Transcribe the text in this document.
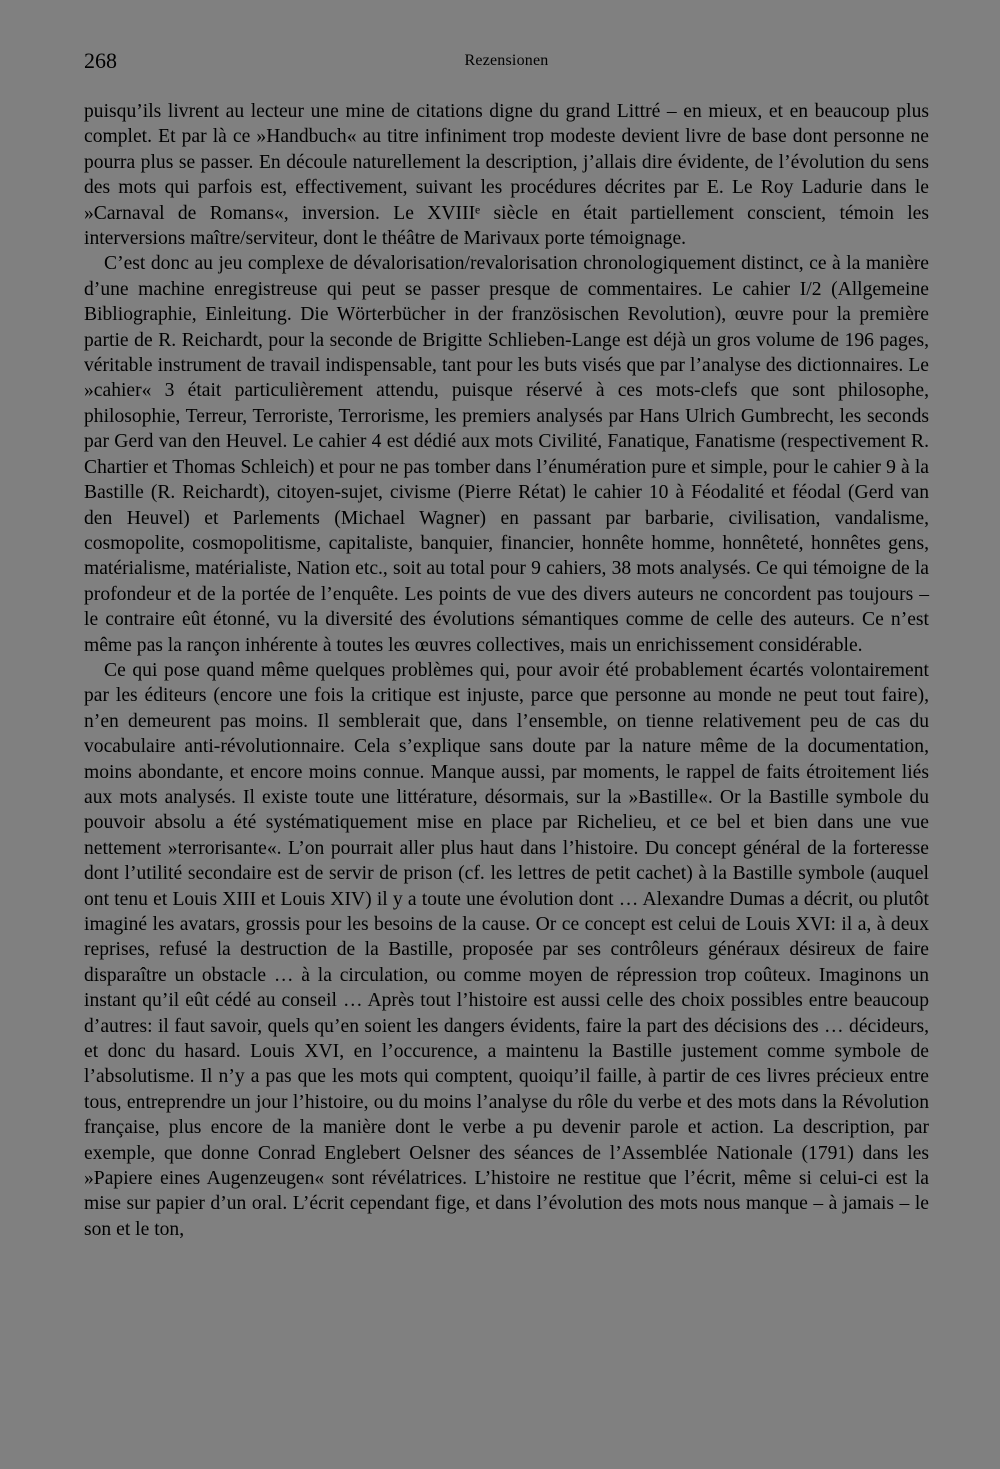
268	Rezensionen

puisqu’ils livrent au lecteur une mine de citations digne du grand Littré – en mieux, et en beaucoup plus complet. Et par là ce »Handbuch« au titre infiniment trop modeste devient livre de base dont personne ne pourra plus se passer. En découle naturellement la description, j’allais dire évidente, de l’évolution du sens des mots qui parfois est, effectivement, suivant les procédures décrites par E. Le Roy Ladurie dans le »Carnaval de Romans«, inversion. Le XVIIIᵉ siècle en était partiellement conscient, témoin les interversions maître/serviteur, dont le théâtre de Marivaux porte témoignage.

C’est donc au jeu complexe de dévalorisation/revalorisation chronologiquement distinct, ce à la manière d’une machine enregistreuse qui peut se passer presque de commentaires. Le cahier I/2 (Allgemeine Bibliographie, Einleitung. Die Wörterbücher in der französischen Revolution), œuvre pour la première partie de R. Reichardt, pour la seconde de Brigitte Schlieben-Lange est déjà un gros volume de 196 pages, véritable instrument de travail indispensable, tant pour les buts visés que par l’analyse des dictionnaires. Le »cahier« 3 était particulièrement attendu, puisque réservé à ces mots-clefs que sont philosophe, philosophie, Terreur, Terroriste, Terrorisme, les premiers analysés par Hans Ulrich Gumbrecht, les seconds par Gerd van den Heuvel. Le cahier 4 est dédié aux mots Civilité, Fanatique, Fanatisme (respectivement R. Chartier et Thomas Schleich) et pour ne pas tomber dans l’énumération pure et simple, pour le cahier 9 à la Bastille (R. Reichardt), citoyen-sujet, civisme (Pierre Rétat) le cahier 10 à Féodalité et féodal (Gerd van den Heuvel) et Parlements (Michael Wagner) en passant par barbarie, civilisation, vandalisme, cosmopolite, cosmopolitisme, capitaliste, banquier, financier, honnête homme, honnêteté, honnêtes gens, matérialisme, matérialiste, Nation etc., soit au total pour 9 cahiers, 38 mots analysés. Ce qui témoigne de la profondeur et de la portée de l’enquête. Les points de vue des divers auteurs ne concordent pas toujours – le contraire eût étonné, vu la diversité des évolutions sémantiques comme de celle des auteurs. Ce n’est même pas la rançon inhérente à toutes les œuvres collectives, mais un enrichissement considérable.

Ce qui pose quand même quelques problèmes qui, pour avoir été probablement écartés volontairement par les éditeurs (encore une fois la critique est injuste, parce que personne au monde ne peut tout faire), n’en demeurent pas moins. Il semblerait que, dans l’ensemble, on tienne relativement peu de cas du vocabulaire anti-révolutionnaire. Cela s’explique sans doute par la nature même de la documentation, moins abondante, et encore moins connue. Manque aussi, par moments, le rappel de faits étroitement liés aux mots analysés. Il existe toute une littérature, désormais, sur la »Bastille«. Or la Bastille symbole du pouvoir absolu a été systématiquement mise en place par Richelieu, et ce bel et bien dans une vue nettement »terrorisante«. L’on pourrait aller plus haut dans l’histoire. Du concept général de la forteresse dont l’utilité secondaire est de servir de prison (cf. les lettres de petit cachet) à la Bastille symbole (auquel ont tenu et Louis XIII et Louis XIV) il y a toute une évolution dont … Alexandre Dumas a décrit, ou plutôt imaginé les avatars, grossis pour les besoins de la cause. Or ce concept est celui de Louis XVI: il a, à deux reprises, refusé la destruction de la Bastille, proposée par ses contrôleurs généraux désireux de faire disparaître un obstacle … à la circulation, ou comme moyen de répression trop coûteux. Imaginons un instant qu’il eût cédé au conseil … Après tout l’histoire est aussi celle des choix possibles entre beaucoup d’autres: il faut savoir, quels qu’en soient les dangers évidents, faire la part des décisions des … décideurs, et donc du hasard. Louis XVI, en l’occurence, a maintenu la Bastille justement comme symbole de l’absolutisme. Il n’y a pas que les mots qui comptent, quoiqu’il faille, à partir de ces livres précieux entre tous, entreprendre un jour l’histoire, ou du moins l’analyse du rôle du verbe et des mots dans la Révolution française, plus encore de la manière dont le verbe a pu devenir parole et action. La description, par exemple, que donne Conrad Englebert Oelsner des séances de l’Assemblée Nationale (1791) dans les »Papiere eines Augenzeugen« sont révélatrices. L’histoire ne restitue que l’écrit, même si celui-ci est la mise sur papier d’un oral. L’écrit cependant fige, et dans l’évolution des mots nous manque – à jamais – le son et le ton,
